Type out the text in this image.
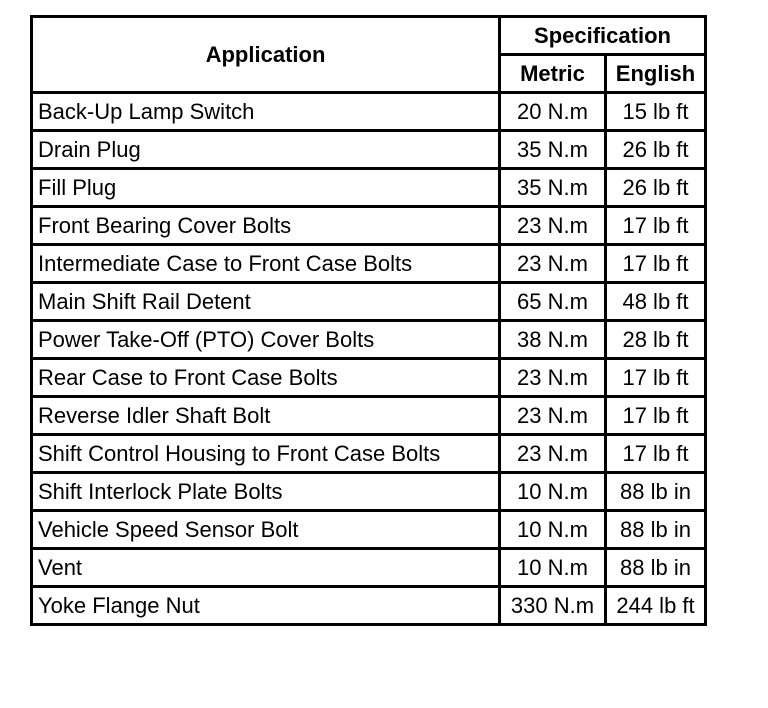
Application	Specification	
	Metric	English
Back-Up Lamp Switch	20 N.m	15 lb ft
Drain Plug	35 N.m	26 lb ft
Fill Plug	35 N.m	26 lb ft
Front Bearing Cover Bolts	23 N.m	17 lb ft
Intermediate Case to Front Case Bolts	23 N.m	17 lb ft
Main Shift Rail Detent	65 N.m	48 lb ft
Power Take-Off (PTO) Cover Bolts	38 N.m	28 lb ft
Rear Case to Front Case Bolts	23 N.m	17 lb ft
Reverse Idler Shaft Bolt	23 N.m	17 lb ft
Shift Control Housing to Front Case Bolts	23 N.m	17 lb ft
Shift Interlock Plate Bolts	10 N.m	88 lb in
Vehicle Speed Sensor Bolt	10 N.m	88 lb in
Vent	10 N.m	88 lb in
Yoke Flange Nut	330 N.m	244 lb ft
